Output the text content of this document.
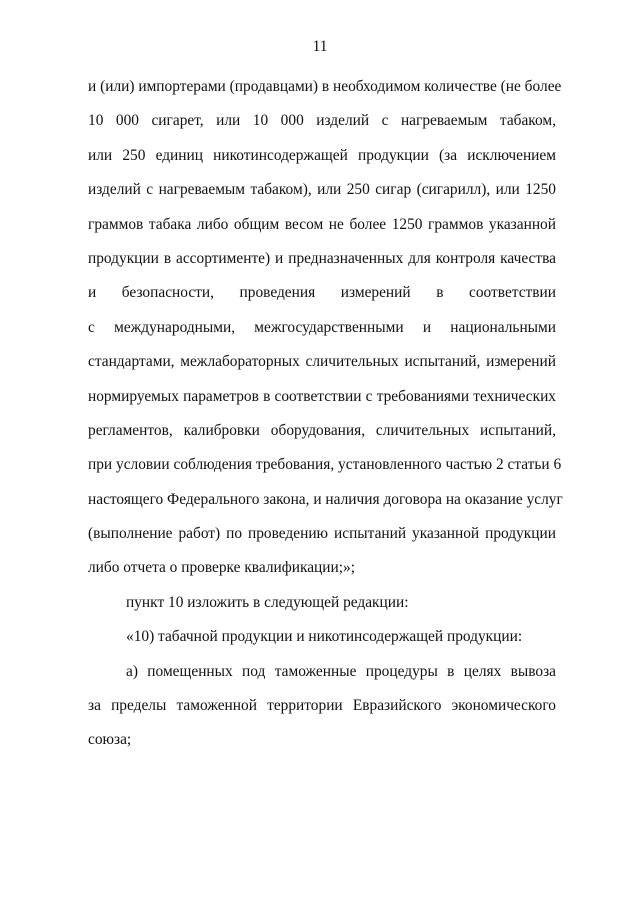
11
и (или) импортерами (продавцами) в необходимом количестве (не более
10 000 сигарет, или 10 000 изделий с нагреваемым табаком,
или 250 единиц никотинсодержащей продукции (за исключением
изделий с нагреваемым табаком), или 250 сигар (сигарилл), или 1250
граммов табака либо общим весом не более 1250 граммов указанной
продукции в ассортименте) и предназначенных для контроля качества
и безопасности, проведения измерений в соответствии
с международными, межгосударственными и национальными
стандартами, межлабораторных сличительных испытаний, измерений
нормируемых параметров в соответствии с требованиями технических
регламентов, калибровки оборудования, сличительных испытаний,
при условии соблюдения требования, установленного частью 2 статьи 6
настоящего Федерального закона, и наличия договора на оказание услуг
(выполнение работ) по проведению испытаний указанной продукции
либо отчета о проверке квалификации;»;
пункт 10 изложить в следующей редакции:
«10) табачной продукции и никотинсодержащей продукции:
а) помещенных под таможенные процедуры в целях вывоза
за пределы таможенной территории Евразийского экономического
союза;
